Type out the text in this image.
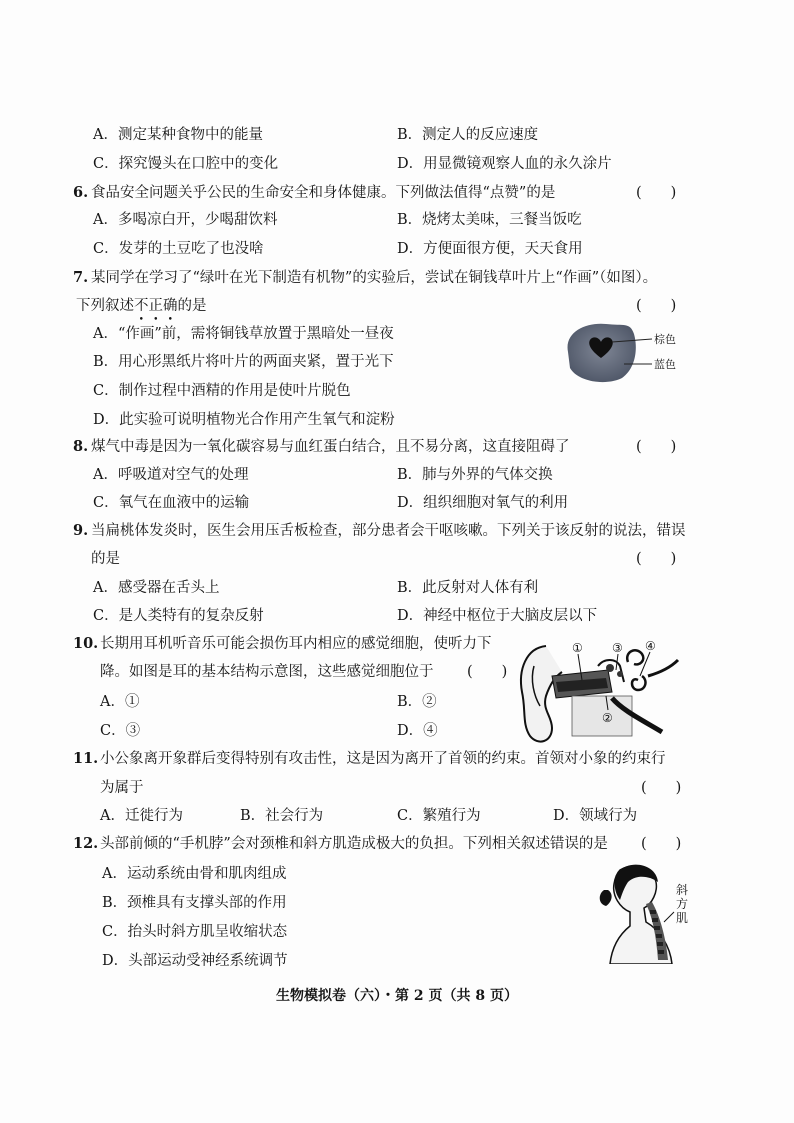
A．测定某种食物中的能量	B．测定人的反应速度
C．探究馒头在口腔中的变化	D．用显微镜观察人血的永久涂片
6. 食品安全问题关乎公民的生命安全和身体健康。下列做法值得“点赞”的是	(　　)
A．多喝凉白开，少喝甜饮料	B．烧烤太美味，三餐当饭吃
C．发芽的土豆吃了也没啥	D．方便面很方便，天天食用
7. 某同学在学习了“绿叶在光下制造有机物”的实验后，尝试在铜钱草叶片上“作画”（如图）。
下列叙述不正确的是	(　　)
A．“作画”前，需将铜钱草放置于黑暗处一昼夜
B．用心形黑纸片将叶片的两面夹紧，置于光下
C．制作过程中酒精的作用是使叶片脱色
D．此实验可说明植物光合作用产生氧气和淀粉
棕色
蓝色
8. 煤气中毒是因为一氧化碳容易与血红蛋白结合，且不易分离，这直接阻碍了	(　　)
A．呼吸道对空气的处理	B．肺与外界的气体交换
C．氧气在血液中的运输	D．组织细胞对氧气的利用
9. 当扁桃体发炎时，医生会用压舌板检查，部分患者会干呕咳嗽。下列关于该反射的说法，错误
的是	(　　)
A．感受器在舌头上	B．此反射对人体有利
C．是人类特有的复杂反射	D．神经中枢位于大脑皮层以下
10. 长期用耳机听音乐可能会损伤耳内相应的感觉细胞，使听力下
降。如图是耳的基本结构示意图，这些感觉细胞位于 (　　)
A．①	B．②
C．③	D．④
① ③ ④
②
11. 小公象离开象群后变得特别有攻击性，这是因为离开了首领的约束。首领对小象的约束行
为属于	(　　)
A．迁徙行为	B．社会行为	C．繁殖行为	D．领域行为
12. 头部前倾的“手机脖”会对颈椎和斜方肌造成极大的负担。下列相关叙述错误的是 (　　)
A．运动系统由骨和肌肉组成
B．颈椎具有支撑头部的作用
C．抬头时斜方肌呈收缩状态
D．头部运动受神经系统调节
斜 方 肌
生物模拟卷（六）・第 2 页（共 8 页）
